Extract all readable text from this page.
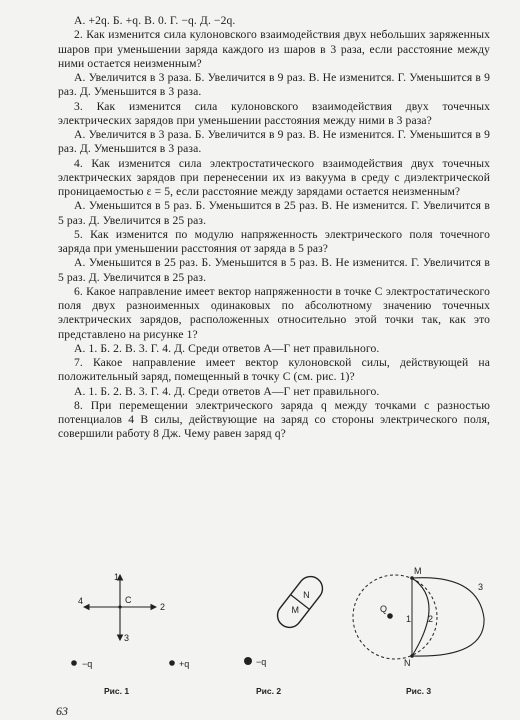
А. +2q. Б. +q. В. 0. Г. −q. Д. −2q.

2. Как изменится сила кулоновского взаимодействия двух небольших заряженных шаров при уменьшении заряда каждого из шаров в 3 раза, если расстояние между ними остается неизменным?

А. Увеличится в 3 раза. Б. Увеличится в 9 раз. В. Не изменится. Г. Уменьшится в 9 раз. Д. Уменьшится в 3 раза.

3. Как изменится сила кулоновского взаимодействия двух точечных электрических зарядов при уменьшении расстояния между ними в 3 раза?

А. Увеличится в 3 раза. Б. Увеличится в 9 раз. В. Не изменится. Г. Уменьшится в 9 раз. Д. Уменьшится в 3 раза.

4. Как изменится сила электростатического взаимодействия двух точечных электрических зарядов при перенесении их из вакуума в среду с диэлектрической проницаемостью ε = 5, если расстояние между зарядами остается неизменным?

А. Уменьшится в 5 раз. Б. Уменьшится в 25 раз. В. Не изменится. Г. Увеличится в 5 раз. Д. Увеличится в 25 раз.

5. Как изменится по модулю напряженность электрического поля точечного заряда при уменьшении расстояния от заряда в 5 раз?

А. Уменьшится в 25 раз. Б. Уменьшится в 5 раз. В. Не изменится. Г. Увеличится в 5 раз. Д. Увеличится в 25 раз.

6. Какое направление имеет вектор напряженности в точке С электростатического поля двух разноименных одинаковых по абсолютному значению точечных электрических зарядов, расположенных относительно этой точки так, как это представлено на рисунке 1?

А. 1. Б. 2. В. 3. Г. 4. Д. Среди ответов А—Г нет правильного.

7. Какое направление имеет вектор кулоновской силы, действующей на положительный заряд, помещенный в точку С (см. рис. 1)?

А. 1. Б. 2. В. 3. Г. 4. Д. Среди ответов А—Г нет правильного.

8. При перемещении электрического заряда q между точками с разностью потенциалов 4 В силы, действующие на заряд со стороны электрического поля, совершили работу 8 Дж. Чему равен заряд q?

C
1
2
3
4
−q	+q
Рис. 1
M
N
−q
Рис. 2
Q
M
N
1 2
3
Рис. 3
63
